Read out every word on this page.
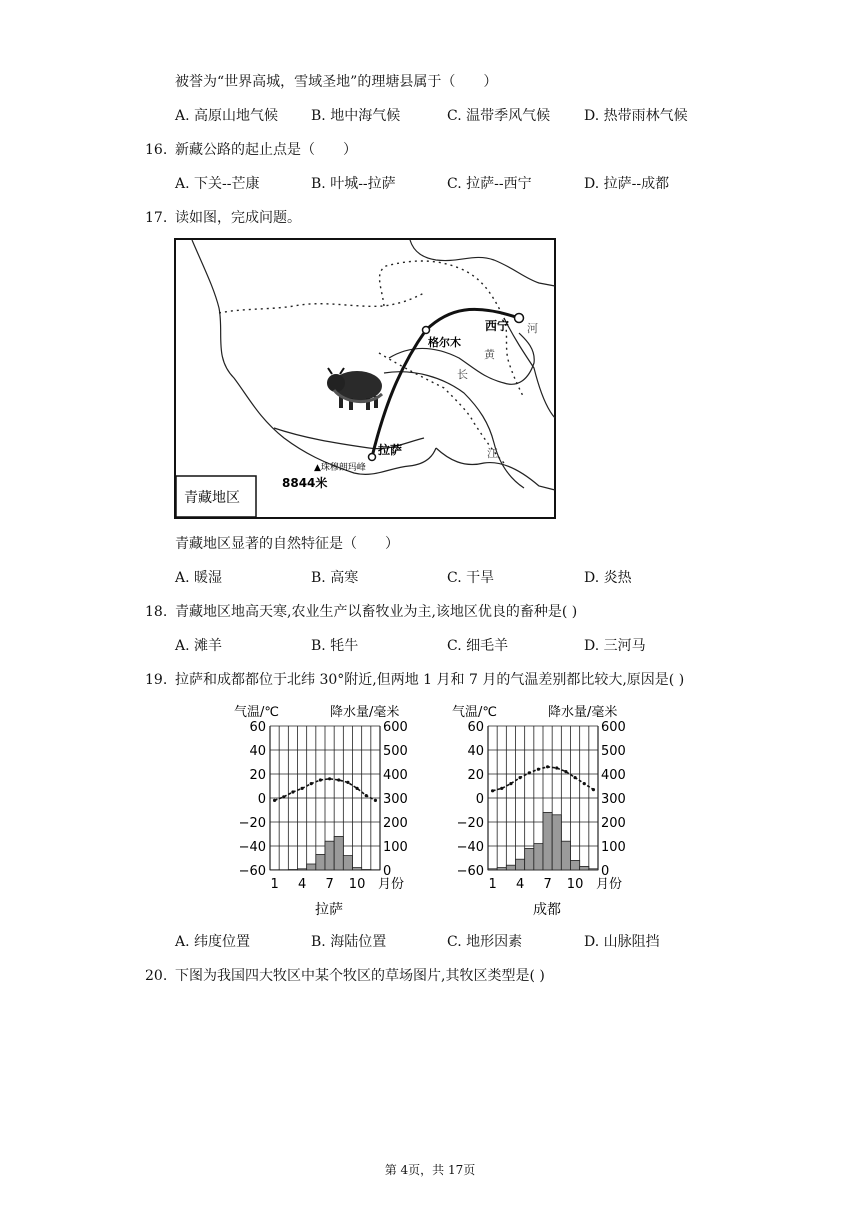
被誉为“世界高城，雪域圣地”的理塘县属于（　　）
A. 高原山地气候 B. 地中海气候	C. 温带季风气候 D. 热带雨林气候
16. 新藏公路的起止点是（　　）
A. 下关--芒康	B. 叶城--拉萨	C. 拉萨--西宁	D. 拉萨--成都
17. 读如图，完成问题。
西宁
格尔木
拉萨
河
黄
长
江
▲珠穆朗玛峰
8844米
青藏地区
青藏地区显著的自然特征是（　　）
A. 暖湿	B. 高寒	C. 干旱	D. 炎热
18. 青藏地区地高天寒,农业生产以畜牧业为主,该地区优良的畜种是( )
A. 滩羊	B. 牦牛	C. 细毛羊	D. 三河马
19. 拉萨和成都都位于北纬 30°附近,但两地 1 月和 7 月的气温差别都比较大,原因是( )
气温/℃	降水量/毫米
60	600
40	500
20	400
0	300
−20	200
−40	100
−60	0
1 4 7 10 月份
拉萨
气温/℃	降水量/毫米
60	600
40	500
20	400
0	300
−20	200
−40	100
−60	0
1 4 7 10 月份
成都
A. 纬度位置	B. 海陆位置	C. 地形因素	D. 山脉阻挡
20. 下图为我国四大牧区中某个牧区的草场图片,其牧区类型是( )
第 4页，共 17页
